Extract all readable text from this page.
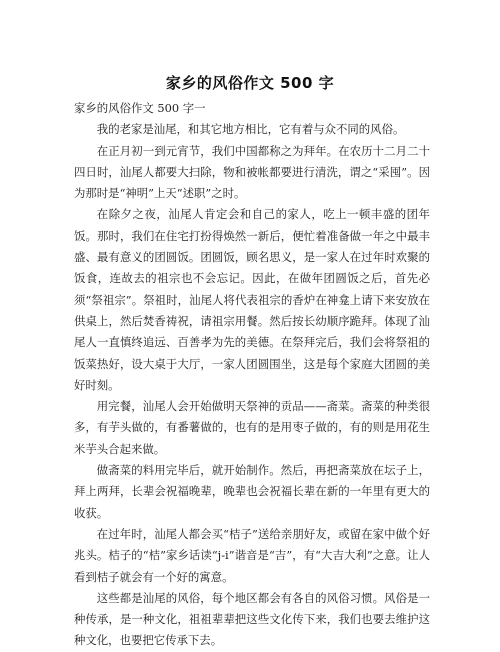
家乡的风俗作文 500 字

家乡的风俗作文 500 字一

我的老家是汕尾，和其它地方相比，它有着与众不同的风俗。

在正月初一到元宵节，我们中国都称之为拜年。在农历十二月二十四日时，汕尾人都要大扫除，物和被帐都要进行清洗，谓之“采囤”。因为那时是“神明”上天“述职”之时。

在除夕之夜，汕尾人肯定会和自己的家人，吃上一顿丰盛的团年饭。那时，我们在住宅打扮得焕然一新后，便忙着准备做一年之中最丰盛、最有意义的团圆饭。团圆饭，顾名思义，是一家人在过年时欢聚的饭食，连故去的祖宗也不会忘记。因此，在做年团圆饭之后，首先必须“祭祖宗”。祭祖时，汕尾人将代表祖宗的香炉在神龛上请下来安放在供桌上，然后焚香祷祝，请祖宗用餐。然后按长幼顺序跪拜。体现了汕尾人一直慎终追远、百善孝为先的美德。在祭拜完后，我们会将祭祖的饭菜热好，设大桌于大厅，一家人团圆围坐，这是每个家庭大团圆的美好时刻。

用完餐，汕尾人会开始做明天祭神的贡品——斋菜。斋菜的种类很多，有芋头做的，有番薯做的，也有的是用枣子做的，有的则是用花生米芋头合起来做。

做斋菜的料用完毕后，就开始制作。然后，再把斋菜放在坛子上，拜上两拜，长辈会祝福晚辈，晚辈也会祝福长辈在新的一年里有更大的收获。

在过年时，汕尾人都会买“桔子”送给亲朋好友，或留在家中做个好兆头。桔子的“桔”家乡话读“j-i”谐音是“吉”，有“大吉大利”之意。让人看到桔子就会有一个好的寓意。

这些都是汕尾的风俗，每个地区都会有各自的风俗习惯。风俗是一种传承，是一种文化，祖祖辈辈把这些文化传下来，我们也要去维护这种文化，也要把它传承下去。
